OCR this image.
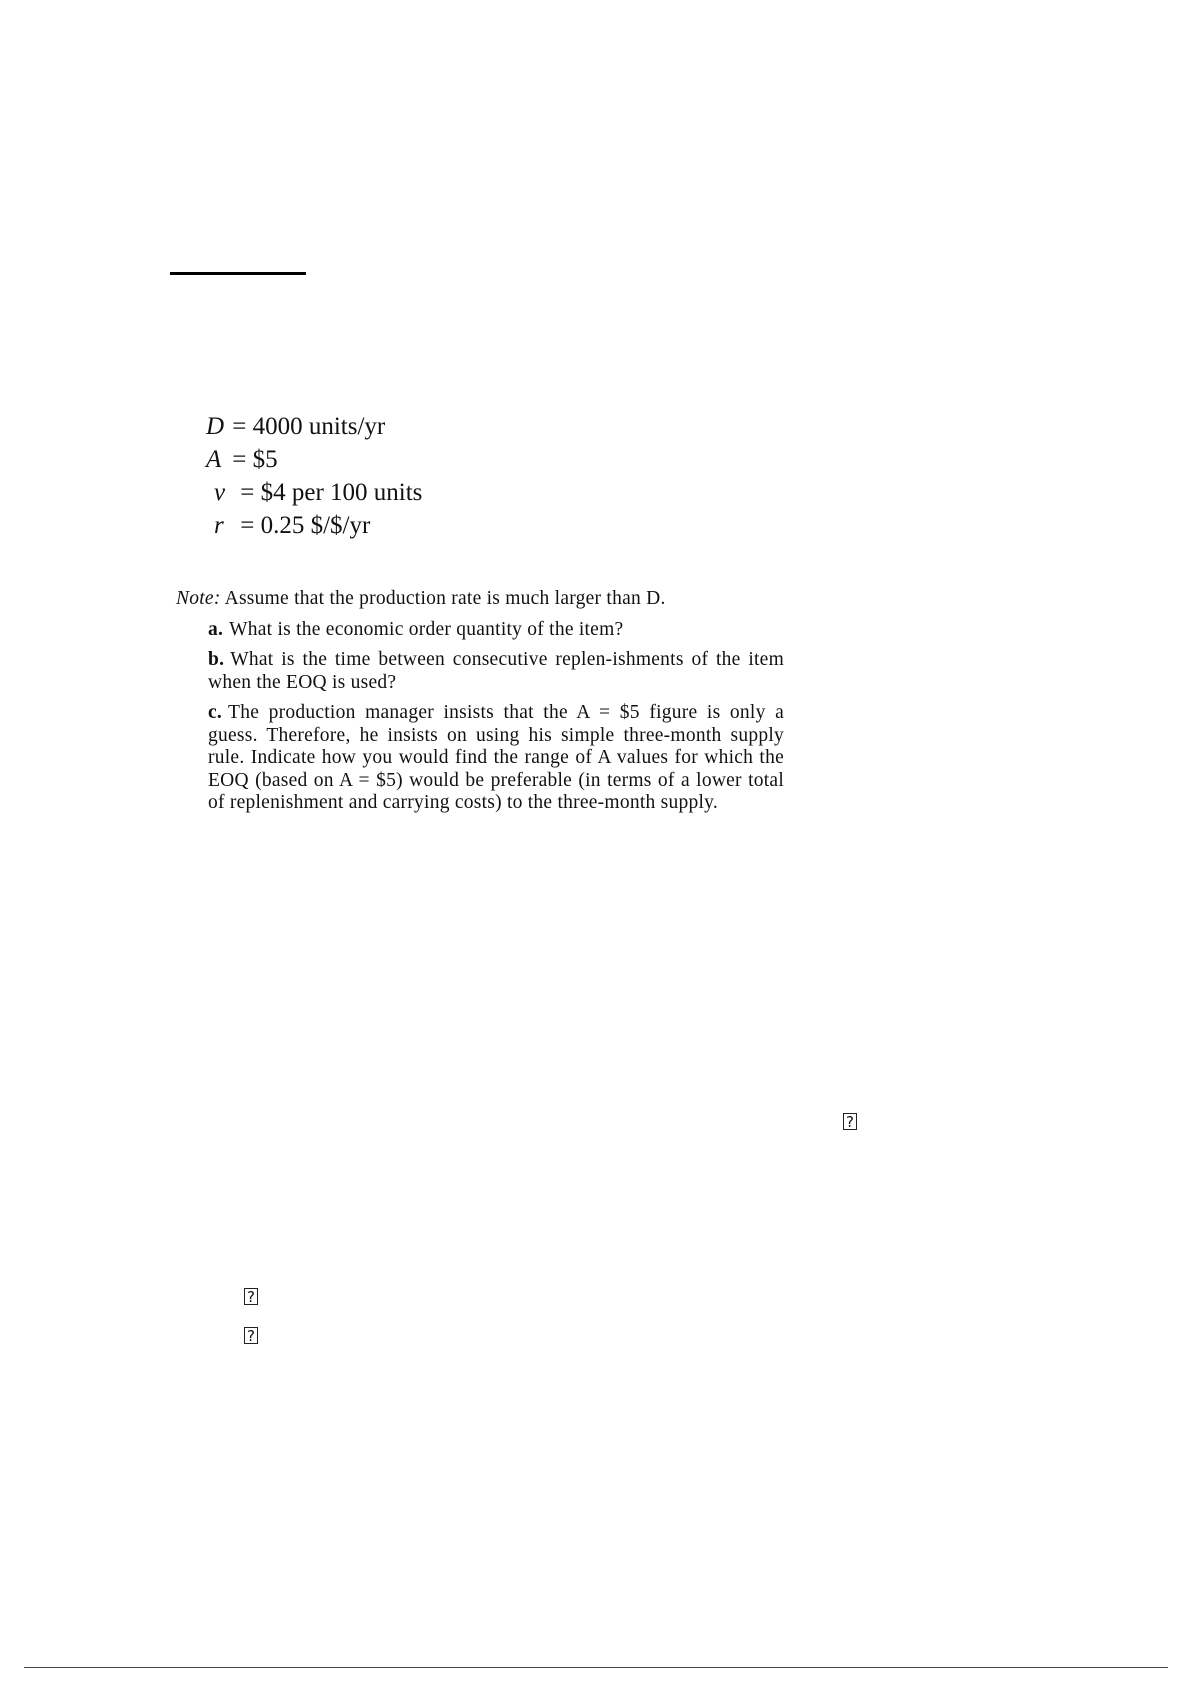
D = 4000 units/yr
A = $5
v = $4 per 100 units
r = 0.25 $/$/yr
Note: Assume that the production rate is much larger than D.
a. What is the economic order quantity of the item?
b. What is the time between consecutive replen-ishments of the item when the EOQ is used?
c. The production manager insists that the A = $5 figure is only a guess. Therefore, he insists on using his simple three-month supply rule. Indicate how you would find the range of A values for which the EOQ (based on A = $5) would be preferable (in terms of a lower total of replenishment and carrying costs) to the three-month supply.
?
?
?
